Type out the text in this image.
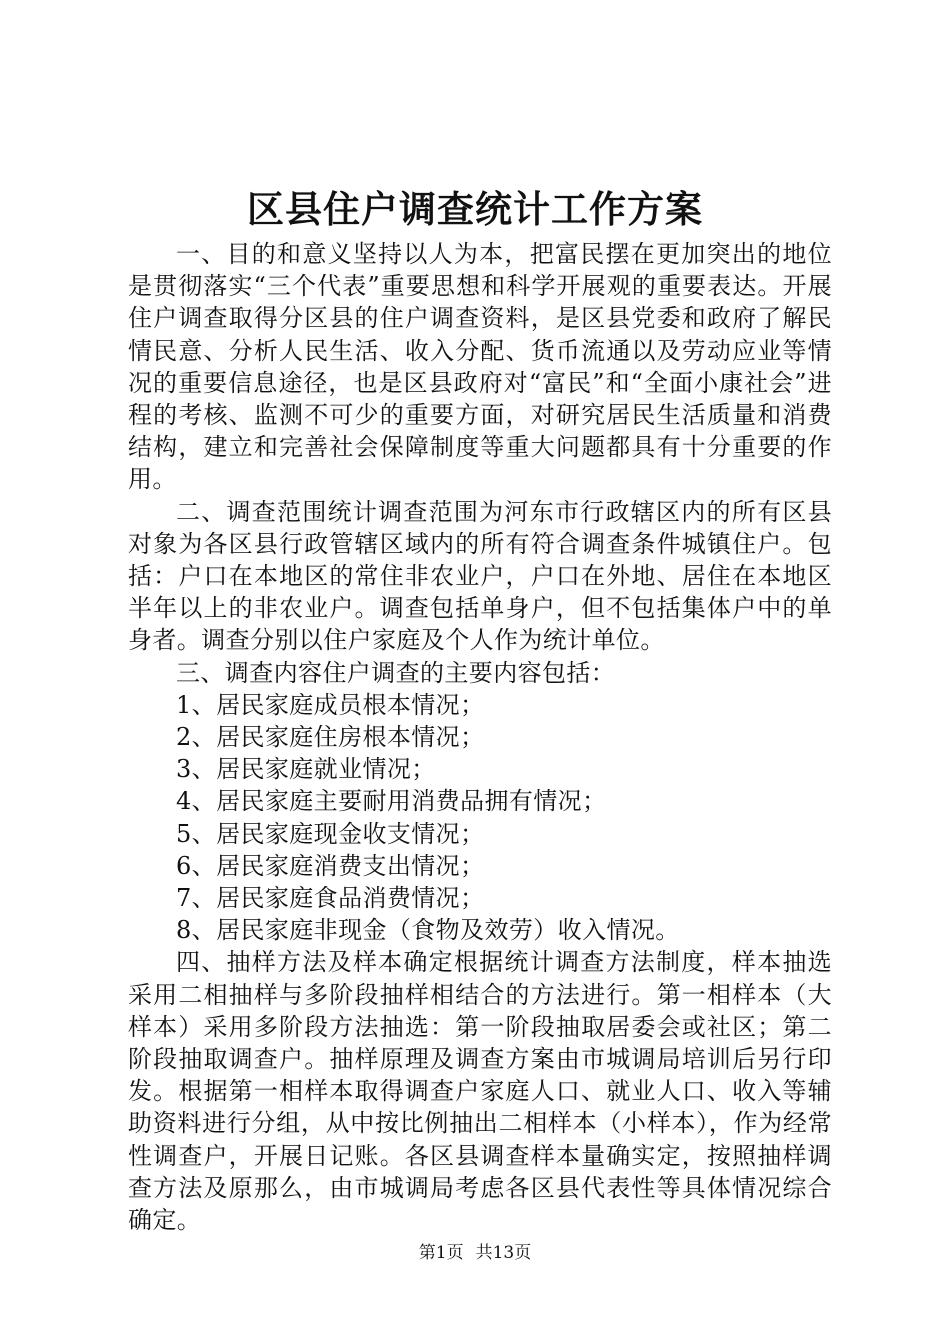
区县住户调查统计工作方案

一、目的和意义坚持以人为本，把富民摆在更加突出的地位是贯彻落实“三个代表”重要思想和科学开展观的重要表达。开展住户调查取得分区县的住户调查资料，是区县党委和政府了解民情民意、分析人民生活、收入分配、货币流通以及劳动应业等情况的重要信息途径，也是区县政府对“富民”和“全面小康社会”进程的考核、监测不可少的重要方面，对研究居民生活质量和消费结构，建立和完善社会保障制度等重大问题都具有十分重要的作用。

二、调查范围统计调查范围为河东市行政辖区内的所有区县对象为各区县行政管辖区域内的所有符合调查条件城镇住户。包括：户口在本地区的常住非农业户，户口在外地、居住在本地区半年以上的非农业户。调查包括单身户，但不包括集体户中的单身者。调查分别以住户家庭及个人作为统计单位。

三、调查内容住户调查的主要内容包括：

1、居民家庭成员根本情况；

2、居民家庭住房根本情况；

3、居民家庭就业情况；

4、居民家庭主要耐用消费品拥有情况；

5、居民家庭现金收支情况；

6、居民家庭消费支出情况；

7、居民家庭食品消费情况；

8、居民家庭非现金（食物及效劳）收入情况。

四、抽样方法及样本确定根据统计调查方法制度，样本抽选采用二相抽样与多阶段抽样相结合的方法进行。第一相样本（大样本）采用多阶段方法抽选：第一阶段抽取居委会或社区；第二阶段抽取调查户。抽样原理及调查方案由市城调局培训后另行印发。根据第一相样本取得调查户家庭人口、就业人口、收入等辅助资料进行分组，从中按比例抽出二相样本（小样本），作为经常性调查户，开展日记账。各区县调查样本量确实定，按照抽样调查方法及原那么，由市城调局考虑各区县代表性等具体情况综合确定。

第1页 共13页
